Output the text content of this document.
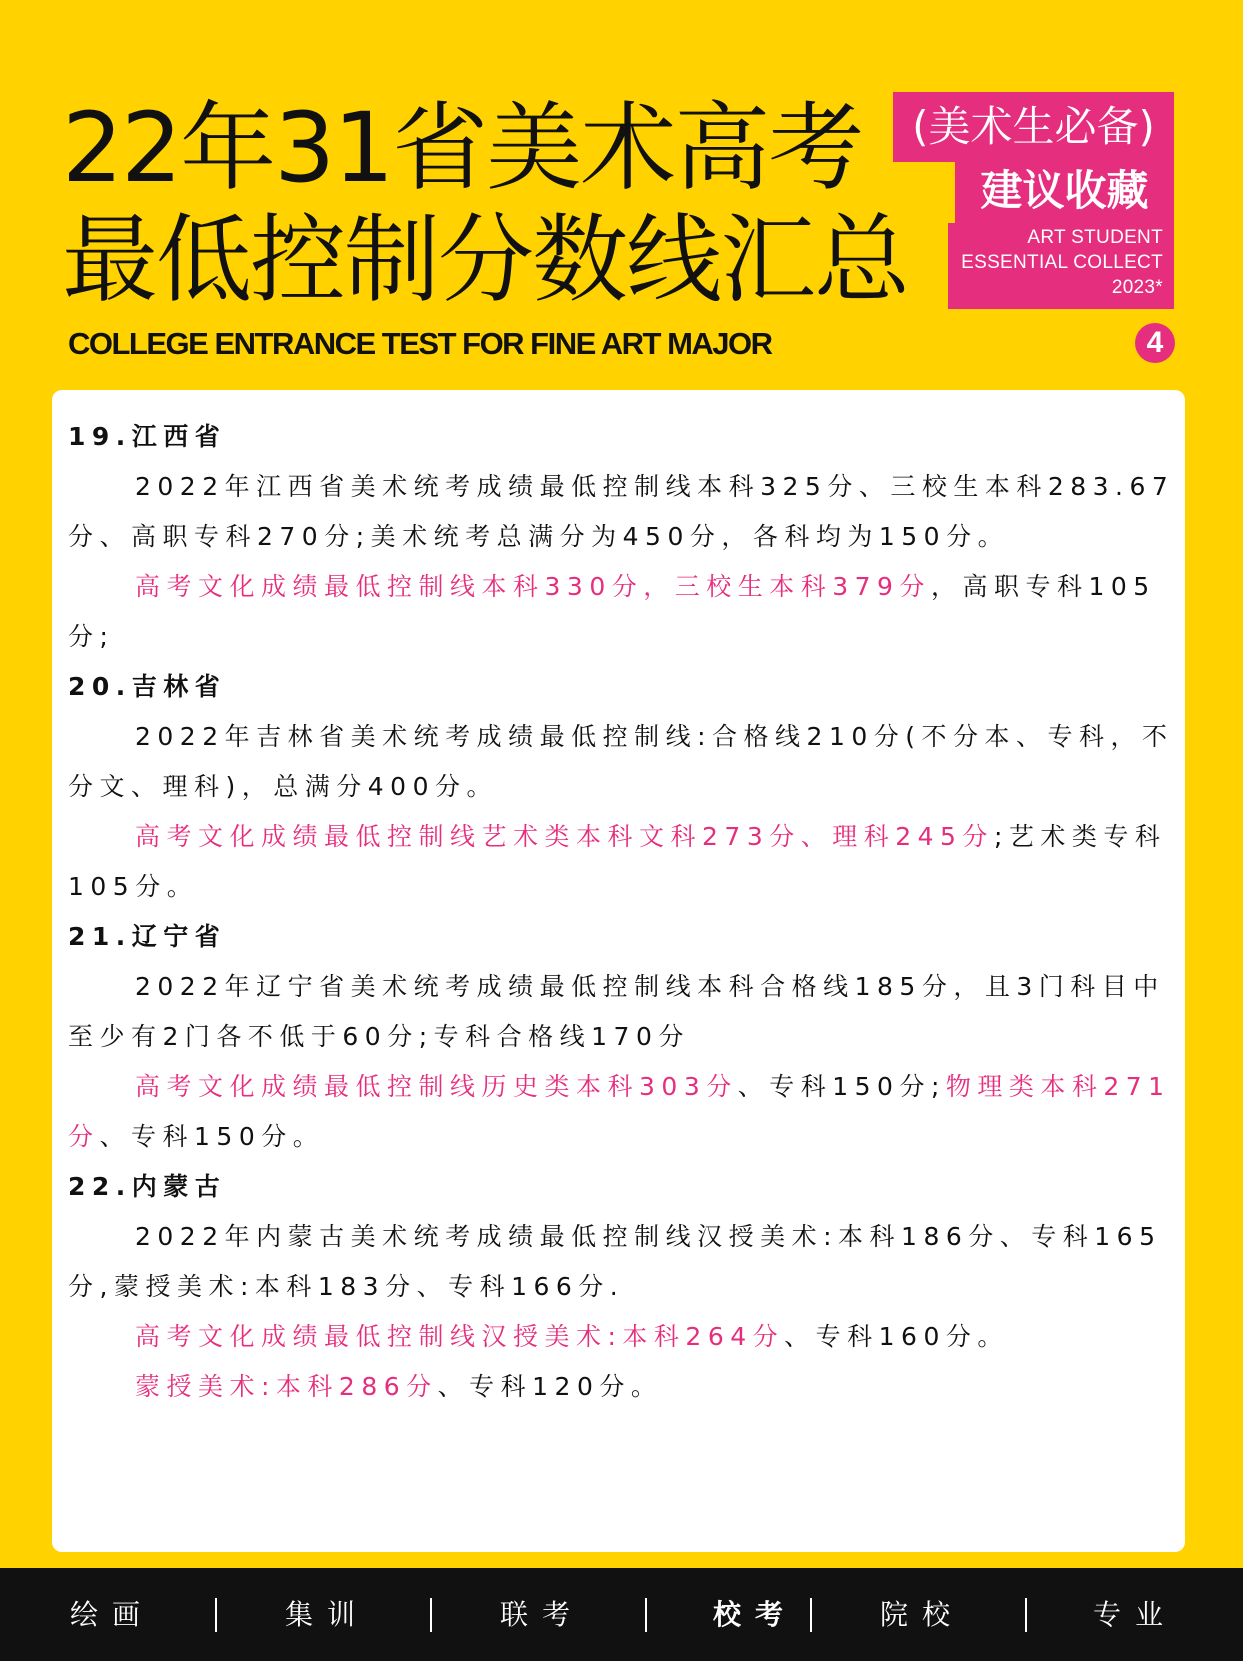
22年31省美术高考
最低控制分数线汇总
COLLEGE ENTRANCE TEST FOR FINE ART MAJOR
(美术生必备)
建议收藏
ART STUDENT
ESSENTIAL COLLECT
2023*
4
19.江西省
2022年江西省美术统考成绩最低控制线本科325分、三校生本科283.67
分、高职专科270分;美术统考总满分为450分，各科均为150分。
高考文化成绩最低控制线本科330分，三校生本科379分，高职专科105
分;
20.吉林省
2022年吉林省美术统考成绩最低控制线:合格线210分(不分本、专科，不
分文、理科)，总满分400分。
高考文化成绩最低控制线艺术类本科文科273分、理科245分;艺术类专科
105分。
21.辽宁省
2022年辽宁省美术统考成绩最低控制线本科合格线185分，且3门科目中
至少有2门各不低于60分;专科合格线170分
高考文化成绩最低控制线历史类本科303分、专科150分;物理类本科271
分、专科150分。
22.内蒙古
2022年内蒙古美术统考成绩最低控制线汉授美术:本科186分、专科165
分,蒙授美术:本科183分、专科166分.
高考文化成绩最低控制线汉授美术:本科264分、专科160分。
蒙授美术:本科286分、专科120分。
绘画	集训	联考	校考	院校	专业
